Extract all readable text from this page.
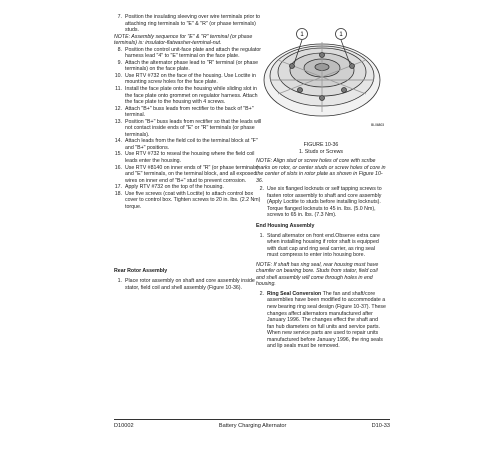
7. Position the insulating sleeving over wire terminals prior to attaching ring terminals to "E" & "R" (or phase terminals) studs.

NOTE: Assembly sequence for "E" & "R" terminal (or phase terminals) is: insulator-flatwasher-terminal-nut.

8. Position the control unit-face plate and attach the regulator harness lead "4" to "E" terminal on the face plate.
9. Attach the alternator phase lead to "R" terminal (or phase terminals) on the face plate.
10. Use RTV #732 on the face of the housing. Use Loctite in mounting screw holes for the face plate.
11. Install the face plate onto the housing while sliding slot in the face plate onto grommet on regulator harness. Attach the face plate to the housing with 4 screws.
12. Attach "B+" buss leads from rectifier to the back of "B+" terminal.
13. Position "B+" buss leads from rectifier so that the leads will not contact inside ends of "E" or "R" terminals (or phase terminals).
14. Attach leads from the field coil to the terminal block at "F" and "B+" positions.
15. Use RTV #732 to reseal the housing where the field coil leads enter the housing.
16. Use RTV #8140 on inner ends of "R" (or phase terminals) and "E" terminals, on the terminal block, and all exposed wires on inner end of "B+" stud to prevent corrosion.
17. Apply RTV #732 on the top of the housing.
18. Use five screws (coat with Loctite) to attach control box cover to control box. Tighten screws to 20 in. lbs. (2.2 Nm) torque.

Rear Rotor Assembly

1. Place rotor assembly on shaft and core assembly inside stator, field coil and shell assembly (Figure 10-36).
1	1
BI-06803
FIGURE 10-36
1. Studs or Screws

NOTE: Align stud or screw holes of core with scribe marks on rotor, or center studs or screw holes of core in the center of slots in rotor plate as shown in Figure 10-36.

2. Use six flanged locknuts or self tapping screws to fasten rotor assembly to shaft and core assembly (Apply Loctite to studs before installing locknuts). Torque flanged locknuts to 45 in. lbs. (5.0 Nm), screws to 65 in. lbs. (7.3 Nm).

End Housing Assembly

1. Stand alternator on front end.Observe extra care when installing housing if rotor shaft is equipped with dust cap and ring seal carrier, as ring seal must compress to enter into housing bore.

NOTE: If shaft has ring seal, rear housing must have chamfer on bearing bore. Studs from stator, field coil and shell assembly will come through holes in end housing.

2. Ring Seal Conversion The fan and shaft/core assemblies have been modified to accommodate a new bearing ring seal design (Figure 10-37). These changes affect alternators manufactured after January 1996. The changes effect the shaft and fan hub diameters on full units and service parts. When new service parts are used to repair units manufactured before January 1996, the ring seals and lip seals must be removed.
D10002	Battery Charging Alternator	D10-33
